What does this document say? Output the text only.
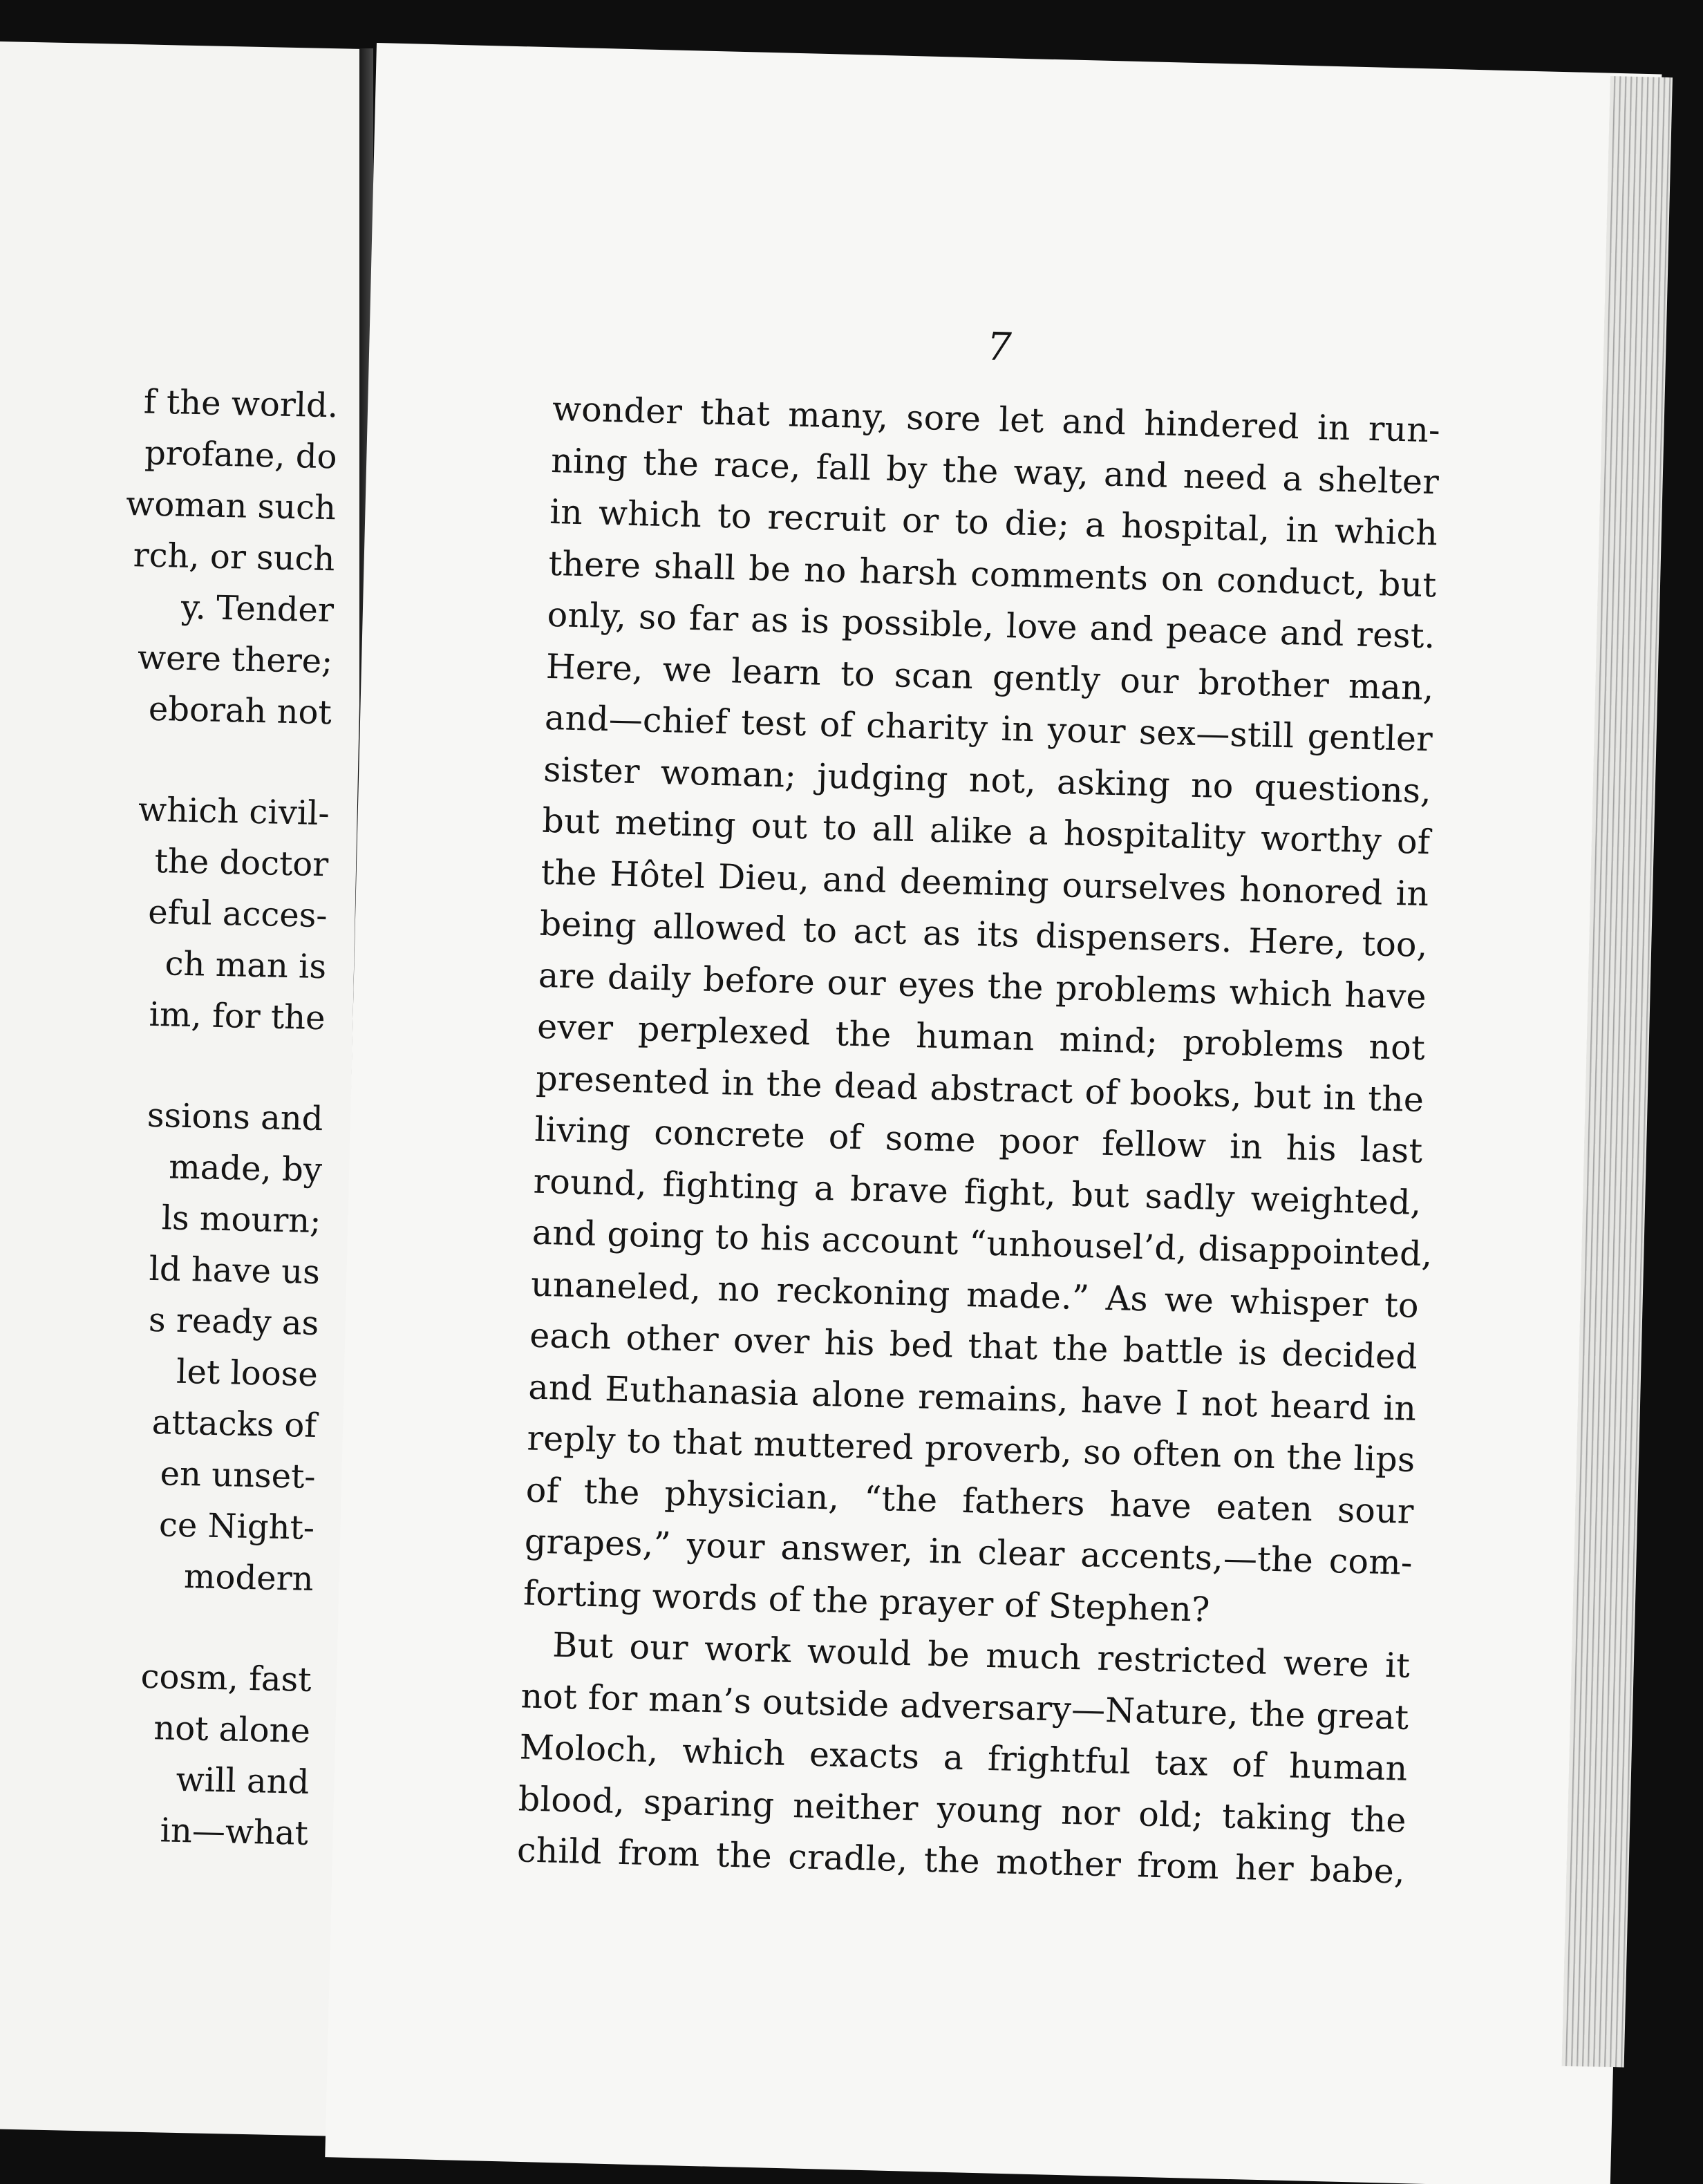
f the world.
profane, do
woman such
rch, or such
y. Tender
were there;
eborah not
which civil-
the doctor
eful acces-
ch man is
im, for the
ssions and
made, by
ls mourn;
ld have us
s ready as
let loose
attacks of
en unset-
ce Night-
modern
cosm, fast
not alone
will and
in—what
7
wonder that many, sore let and hindered in run-
ning the race, fall by the way, and need a shelter
in which to recruit or to die; a hospital, in which
there shall be no harsh comments on conduct, but
only, so far as is possible, love and peace and rest.
Here, we learn to scan gently our brother man,
and—chief test of charity in your sex—still gentler
sister woman; judging not, asking no questions,
but meting out to all alike a hospitality worthy of
the Hôtel Dieu, and deeming ourselves honored in
being allowed to act as its dispensers. Here, too,
are daily before our eyes the problems which have
ever perplexed the human mind; problems not
presented in the dead abstract of books, but in the
living concrete of some poor fellow in his last
round, fighting a brave fight, but sadly weighted,
and going to his account “unhousel’d, disappointed,
unaneled, no reckoning made.” As we whisper to
each other over his bed that the battle is decided
and Euthanasia alone remains, have I not heard in
reply to that muttered proverb, so often on the lips
of the physician, “the fathers have eaten sour
grapes,” your answer, in clear accents,—the com-
forting words of the prayer of Stephen?
But our work would be much restricted were it
not for man’s outside adversary—Nature, the great
Moloch, which exacts a frightful tax of human
blood, sparing neither young nor old; taking the
child from the cradle, the mother from her babe,
